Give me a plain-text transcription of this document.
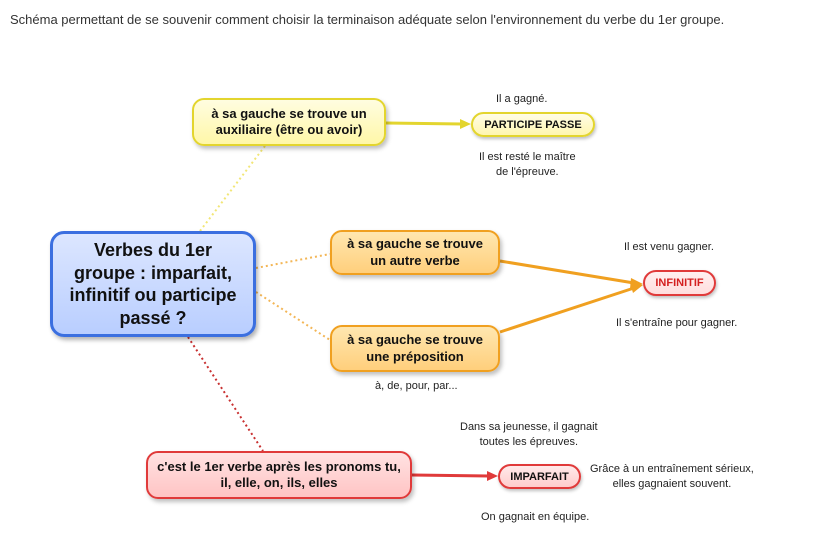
Schéma permettant de se souvenir comment choisir la terminaison adéquate selon l'environnement du verbe du 1er groupe.
Verbes du 1er groupe : imparfait, infinitif ou participe passé ?
à sa gauche se trouve un auxiliaire (être ou avoir)	PARTICIPE PASSE
Il a gagné.
Il est resté le maître
de l'épreuve.
à sa gauche se trouve un autre verbe
à sa gauche se trouve une préposition
à, de, pour, par...
INFINITIF
Il est venu gagner.
Il s'entraîne pour gagner.
c'est le 1er verbe après les pronoms tu, il, elle, on, ils, elles	IMPARFAIT
Dans sa jeunesse, il gagnait
toutes les épreuves.
Grâce à un entraînement sérieux,
elles gagnaient souvent.
On gagnait en équipe.
